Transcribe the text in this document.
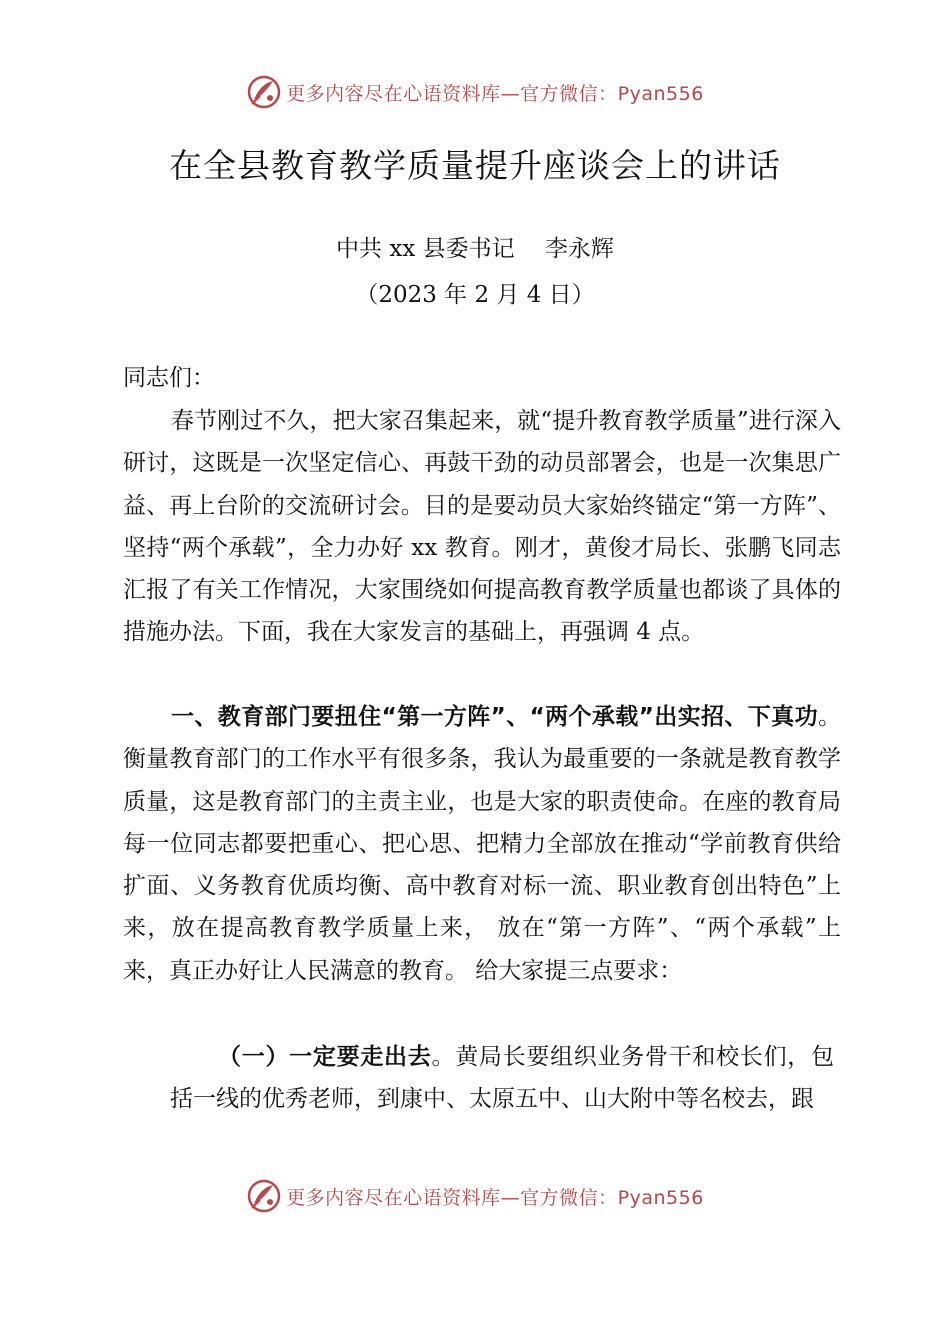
更多内容尽在心语资料库—官方微信：Pyan556
在全县教育教学质量提升座谈会上的讲话
中共 xx 县委书记　 李永辉
（2023 年 2 月 4 日）

同志们：

春节刚过不久，把大家召集起来，就“提升教育教学质量”进行深入研讨，这既是一次坚定信心、再鼓干劲的动员部署会，也是一次集思广益、再上台阶的交流研讨会。目的是要动员大家始终锚定“第一方阵”、坚持“两个承载”，全力办好 xx 教育。刚才，黄俊才局长、张鹏飞同志汇报了有关工作情况，大家围绕如何提高教育教学质量也都谈了具体的措施办法。下面，我在大家发言的基础上，再强调 4 点。

一、教育部门要扭住“第一方阵”、“两个承载”出实招、下真功。衡量教育部门的工作水平有很多条，我认为最重要的一条就是教育教学质量，这是教育部门的主责主业，也是大家的职责使命。在座的教育局每一位同志都要把重心、把心思、把精力全部放在推动“学前教育供给扩面、义务教育优质均衡、高中教育对标一流、职业教育创出特色”上来，放在提高教育教学质量上来， 放在“第一方阵”、“两个承载”上来，真正办好让人民满意的教育。 给大家提三点要求：

（一）一定要走出去。黄局长要组织业务骨干和校长们，包括一线的优秀老师，到康中、太原五中、山大附中等名校去，跟

更多内容尽在心语资料库—官方微信：Pyan556
